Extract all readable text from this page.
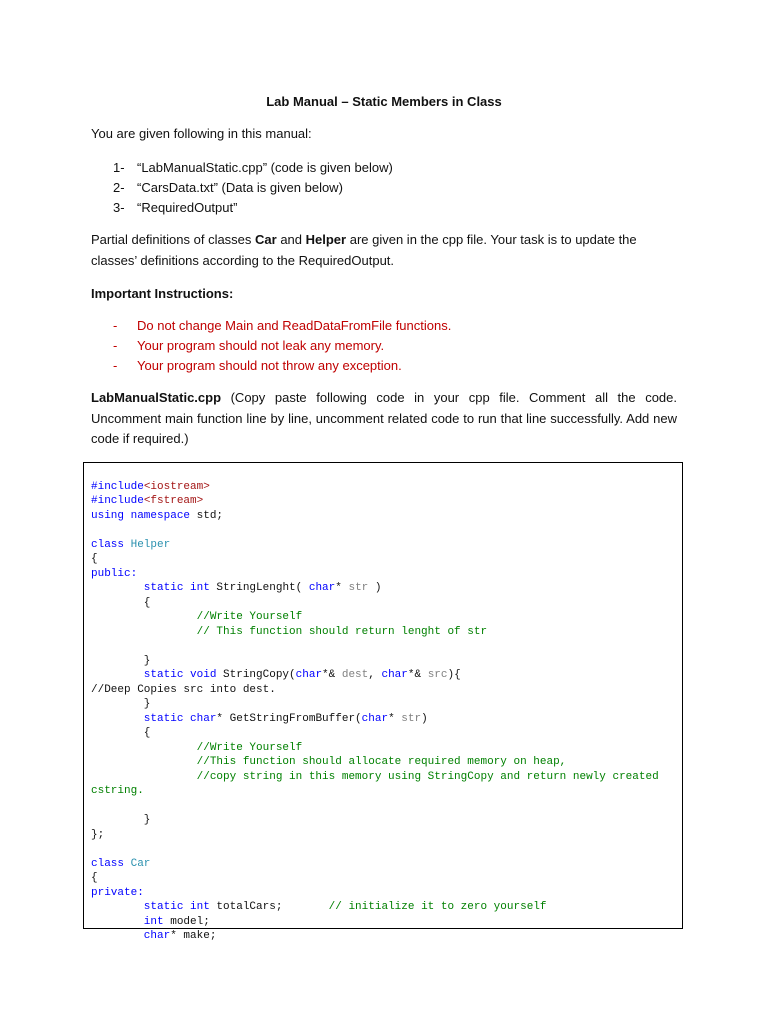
Lab Manual – Static Members in Class
You are given following in this manual:
1- “LabManualStatic.cpp” (code is given below)
2- “CarsData.txt” (Data is given below)
3- “RequiredOutput”
Partial definitions of classes Car and Helper are given in the cpp file. Your task is to update the classes’ definitions according to the RequiredOutput.
Important Instructions:
- Do not change Main and ReadDataFromFile functions.
- Your program should not leak any memory.
- Your program should not throw any exception.
LabManualStatic.cpp (Copy paste following code in your cpp file. Comment all the code. Uncomment main function line by line, uncomment related code to run that line successfully. Add new code if required.)

#include<iostream>
#include<fstream>
using namespace std;
class Helper
{
public:
static int StringLenght( char* str )
{
//Write Yourself
// This function should return lenght of str
}
static void StringCopy(char*& dest, char*& src){
//Deep Copies src into dest.
}
static char* GetStringFromBuffer(char* str)
{
//Write Yourself
//This function should allocate required memory on heap,
//copy string in this memory using StringCopy and return newly created
cstring.
}
};
class Car
{
private:
static int totalCars;       // initialize it to zero yourself
int model;
char* make;
